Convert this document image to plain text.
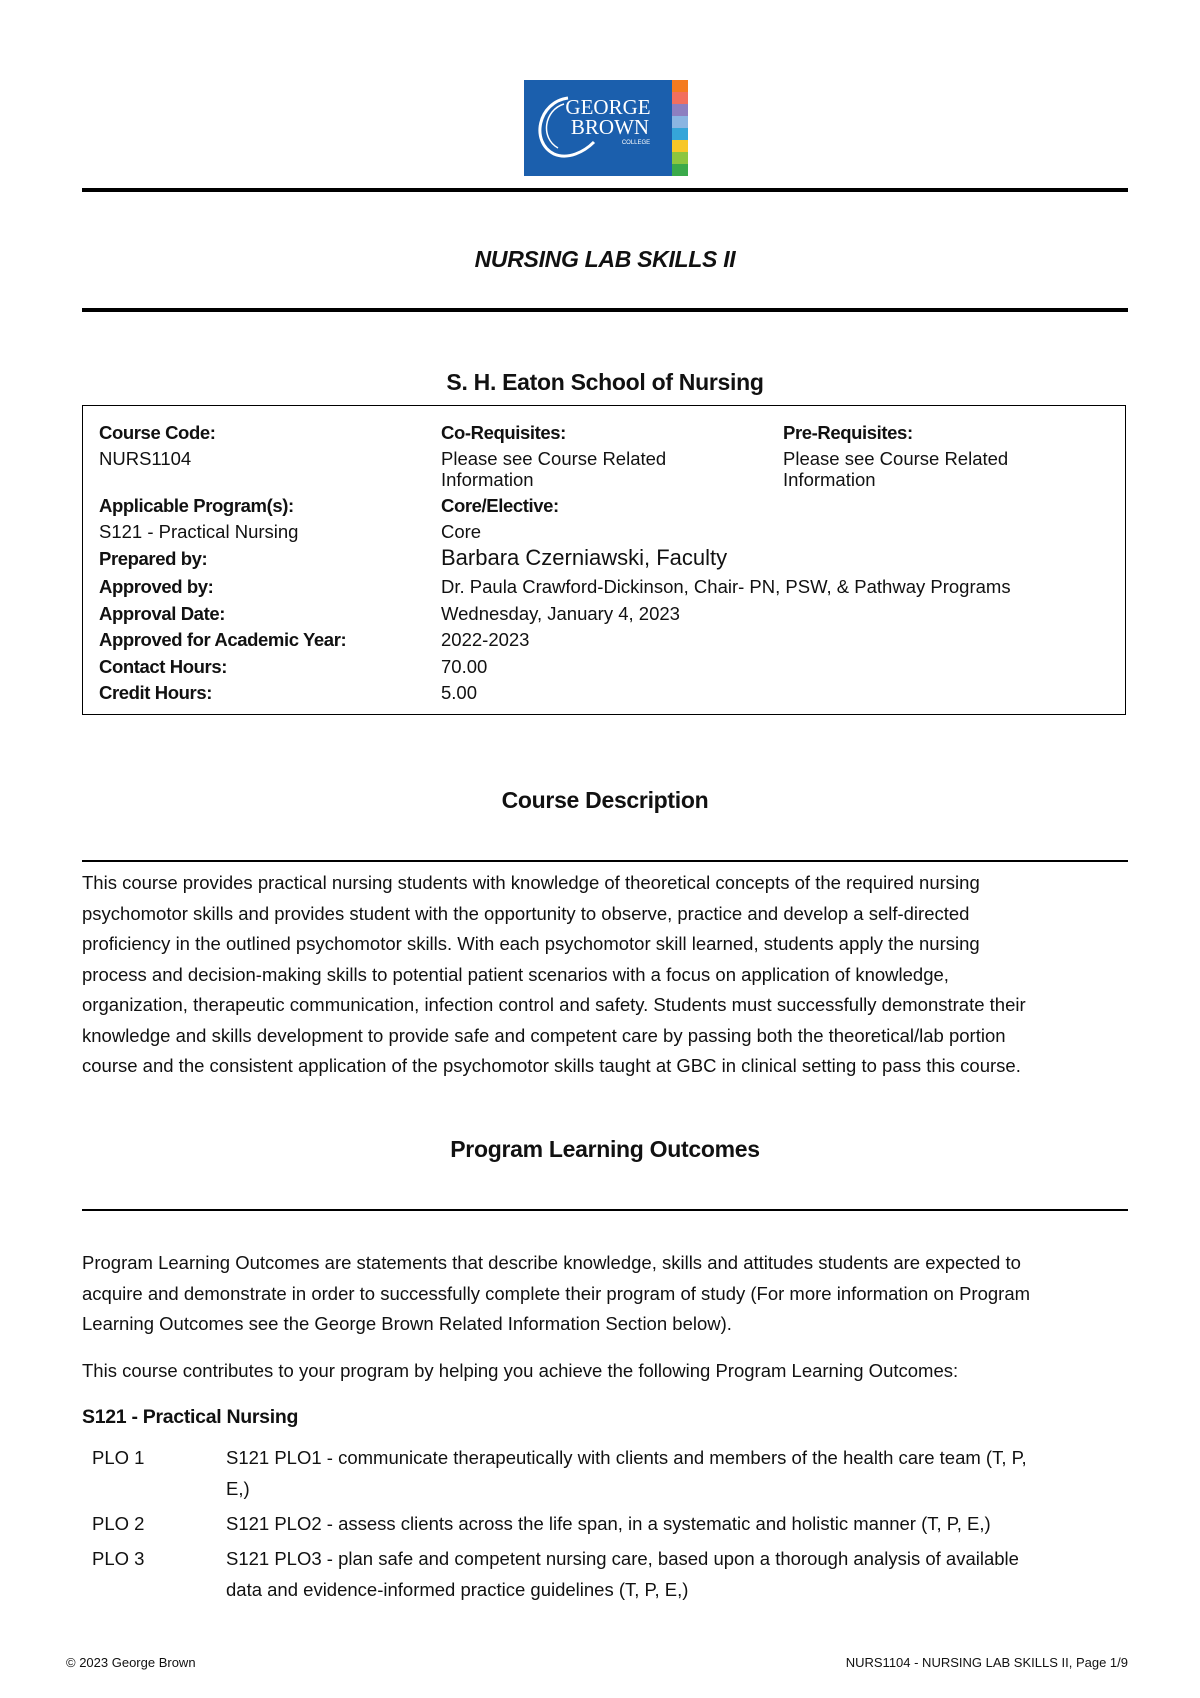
GEORGE
BROWN
COLLEGE
NURSING LAB SKILLS II
S. H. Eaton School of Nursing
Course Code:
NURS1104
Co-Requisites:
Please see Course Related
Information
Pre-Requisites:
Please see Course Related
Information
Applicable Program(s):
S121 - Practical Nursing
Core/Elective:
Core
Prepared by:	Barbara Czerniawski, Faculty
Approved by:	Dr. Paula Crawford-Dickinson, Chair- PN, PSW, & Pathway Programs
Approval Date:	Wednesday, January 4, 2023
Approved for Academic Year:	2022-2023
Contact Hours:	70.00
Credit Hours:	5.00
Course Description
This course provides practical nursing students with knowledge of theoretical concepts of the required nursing
psychomotor skills and provides student with the opportunity to observe, practice and develop a self-directed
proficiency in the outlined psychomotor skills. With each psychomotor skill learned, students apply the nursing
process and decision-making skills to potential patient scenarios with a focus on application of knowledge,
organization, therapeutic communication, infection control and safety. Students must successfully demonstrate their
knowledge and skills development to provide safe and competent care by passing both the theoretical/lab portion
course and the consistent application of the psychomotor skills taught at GBC in clinical setting to pass this course.
Program Learning Outcomes
Program Learning Outcomes are statements that describe knowledge, skills and attitudes students are expected to
acquire and demonstrate in order to successfully complete their program of study (For more information on Program
Learning Outcomes see the George Brown Related Information Section below).
This course contributes to your program by helping you achieve the following Program Learning Outcomes:
S121 - Practical Nursing
PLO 1	S121 PLO1 - communicate therapeutically with clients and members of the health care team (T, P,
E,)
PLO 2	S121 PLO2 - assess clients across the life span, in a systematic and holistic manner (T, P, E,)
PLO 3	S121 PLO3 - plan safe and competent nursing care, based upon a thorough analysis of available
data and evidence-informed practice guidelines (T, P, E,)
© 2023 George Brown	NURS1104 - NURSING LAB SKILLS II, Page 1/9
